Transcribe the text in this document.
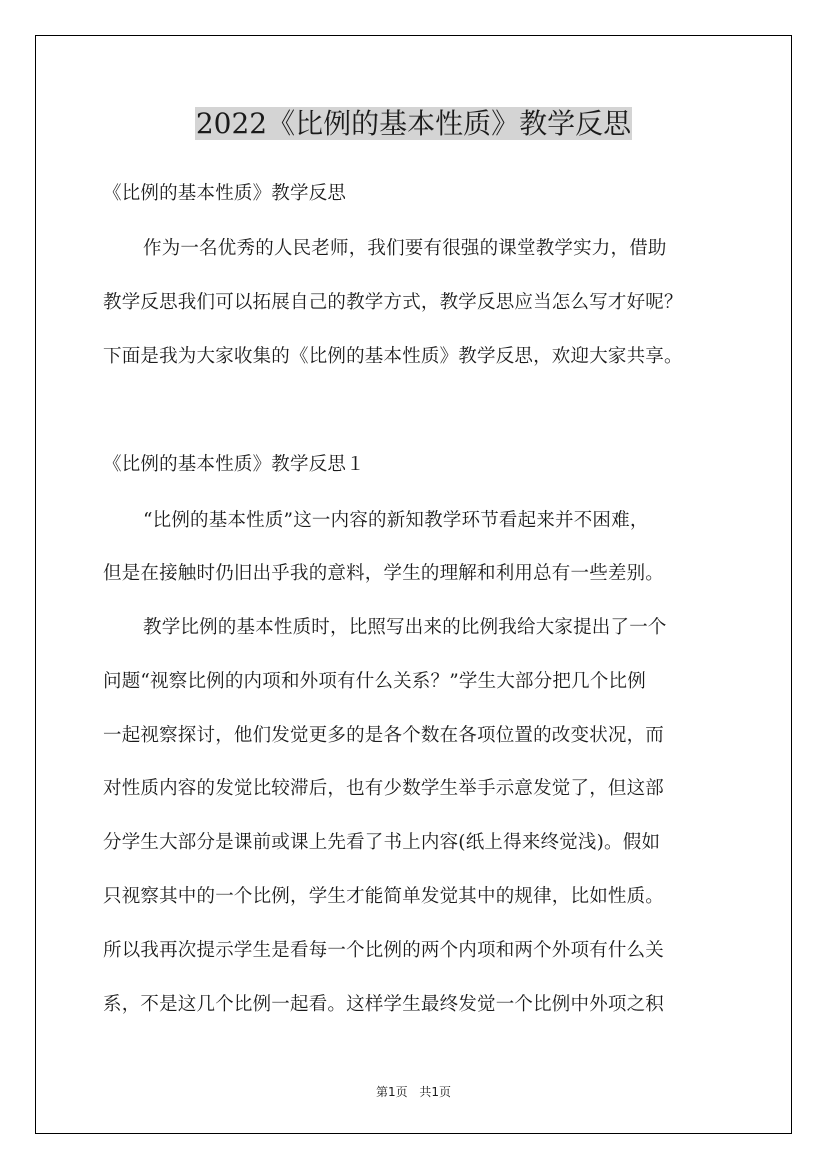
2022《比例的基本性质》教学反思
《比例的基本性质》教学反思
作为一名优秀的人民老师，我们要有很强的课堂教学实力，借助
教学反思我们可以拓展自己的教学方式，教学反思应当怎么写才好呢？
下面是我为大家收集的《比例的基本性质》教学反思，欢迎大家共享。
《比例的基本性质》教学反思１
“比例的基本性质”这一内容的新知教学环节看起来并不困难，
但是在接触时仍旧出乎我的意料，学生的理解和利用总有一些差别。
教学比例的基本性质时，比照写出来的比例我给大家提出了一个
问题“视察比例的内项和外项有什么关系？”学生大部分把几个比例
一起视察探讨，他们发觉更多的是各个数在各项位置的改变状况，而
对性质内容的发觉比较滞后，也有少数学生举手示意发觉了，但这部
分学生大部分是课前或课上先看了书上内容(纸上得来终觉浅)。假如
只视察其中的一个比例，学生才能简单发觉其中的规律，比如性质。
所以我再次提示学生是看每一个比例的两个内项和两个外项有什么关
系，不是这几个比例一起看。这样学生最终发觉一个比例中外项之积
第1页 共1页
